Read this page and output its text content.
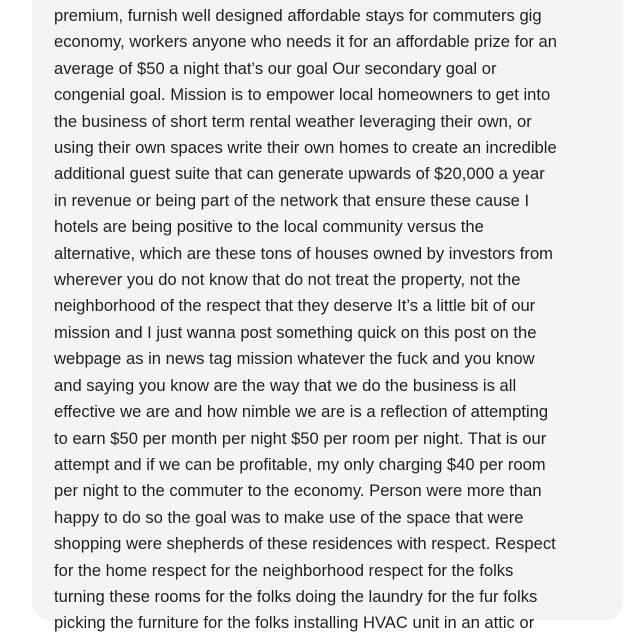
premium, furnish well designed affordable stays for commuters gig
economy, workers anyone who needs it for an affordable prize for an
average of $50 a night that’s our goal Our secondary goal or
congenial goal. Mission is to empower local homeowners to get into
the business of short term rental weather leveraging their own, or
using their own spaces write their own homes to create an incredible
additional guest suite that can generate upwards of $20,000 a year
in revenue or being part of the network that ensure these cause I
hotels are being positive to the local community versus the
alternative, which are these tons of houses owned by investors from
wherever you do not know that do not treat the property, not the
neighborhood of the respect that they deserve It’s a little bit of our
mission and I just wanna post something quick on this post on the
webpage as in news tag mission whatever the fuck and you know
and saying you know are the way that we do the business is all
effective we are and how nimble we are is a reflection of attempting
to earn $50 per month per night $50 per room per night. That is our
attempt and if we can be profitable, my only charging $40 per room
per night to the commuter to the economy. Person were more than
happy to do so the goal was to make use of the space that were
shopping were shepherds of these residences with respect. Respect
for the home respect for the neighborhood respect for the folks
turning these rooms for the folks doing the laundry for the fur folks
picking the furniture for the folks installing HVAC unit in an attic or
